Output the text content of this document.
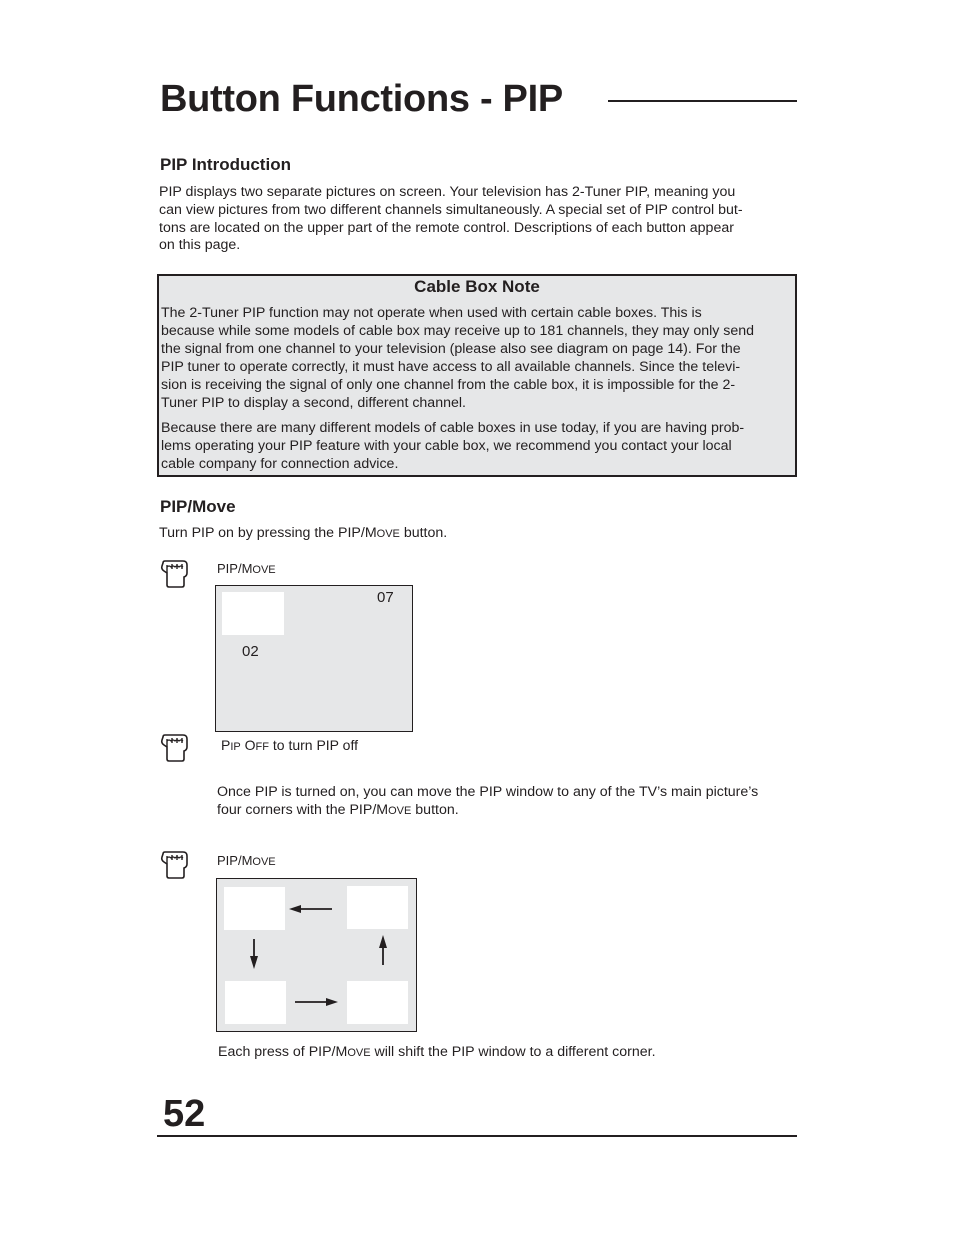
Button Functions - PIP
PIP Introduction
PIP displays two separate pictures on screen. Your television has 2-Tuner PIP, meaning you
can view pictures from two different channels simultaneously. A special set of PIP control but-
tons are located on the upper part of the remote control. Descriptions of each button appear
on this page.
Cable Box Note
The 2-Tuner PIP function may not operate when used with certain cable boxes. This is
because while some models of cable box may receive up to 181 channels, they may only send
the signal from one channel to your television (please also see diagram on page 14). For the
PIP tuner to operate correctly, it must have access to all available channels. Since the televi-
sion is receiving the signal of only one channel from the cable box, it is impossible for the 2-
Tuner PIP to display a second, different channel.
Because there are many different models of cable boxes in use today, if you are having prob-
lems operating your PIP feature with your cable box, we recommend you contact your local
cable company for connection advice.
PIP/Move
Turn PIP on by pressing the PIP/MOVE button.
PIP/MOVE
07
02
PIP OFF to turn PIP off
Once PIP is turned on, you can move the PIP window to any of the TV’s main picture’s
four corners with the PIP/MOVE button.
PIP/MOVE
Each press of PIP/MOVE will shift the PIP window to a different corner.
52
